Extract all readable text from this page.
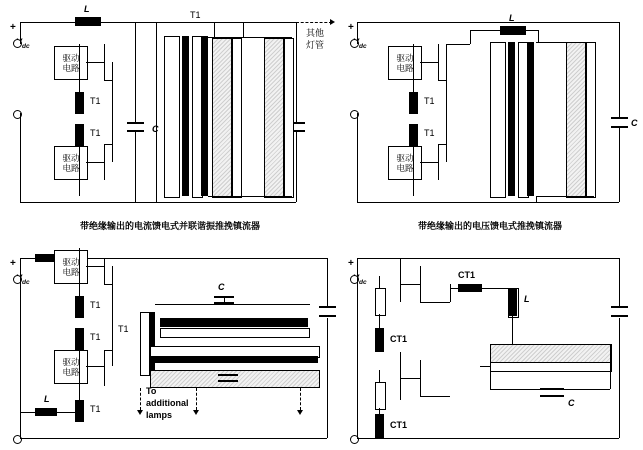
+
$_{dc}$
L
其他
灯管
驱动
电路
驱动
电路
T1
T1	C
T1
带绝缘输出的电流馈电式并联谐振推挽镇流器
+
$_{dc}$
驱动
电路
驱动
电路
T1
T1
L
C
带绝缘输出的电压馈电式推挽镇流器
+
$_{dc}$
驱动
电路
驱动
电路
T1
T1
L
T1
T1
C
To
additional
lamps
+
$_{dc}$
CT1
CT1
L
CT1
C
